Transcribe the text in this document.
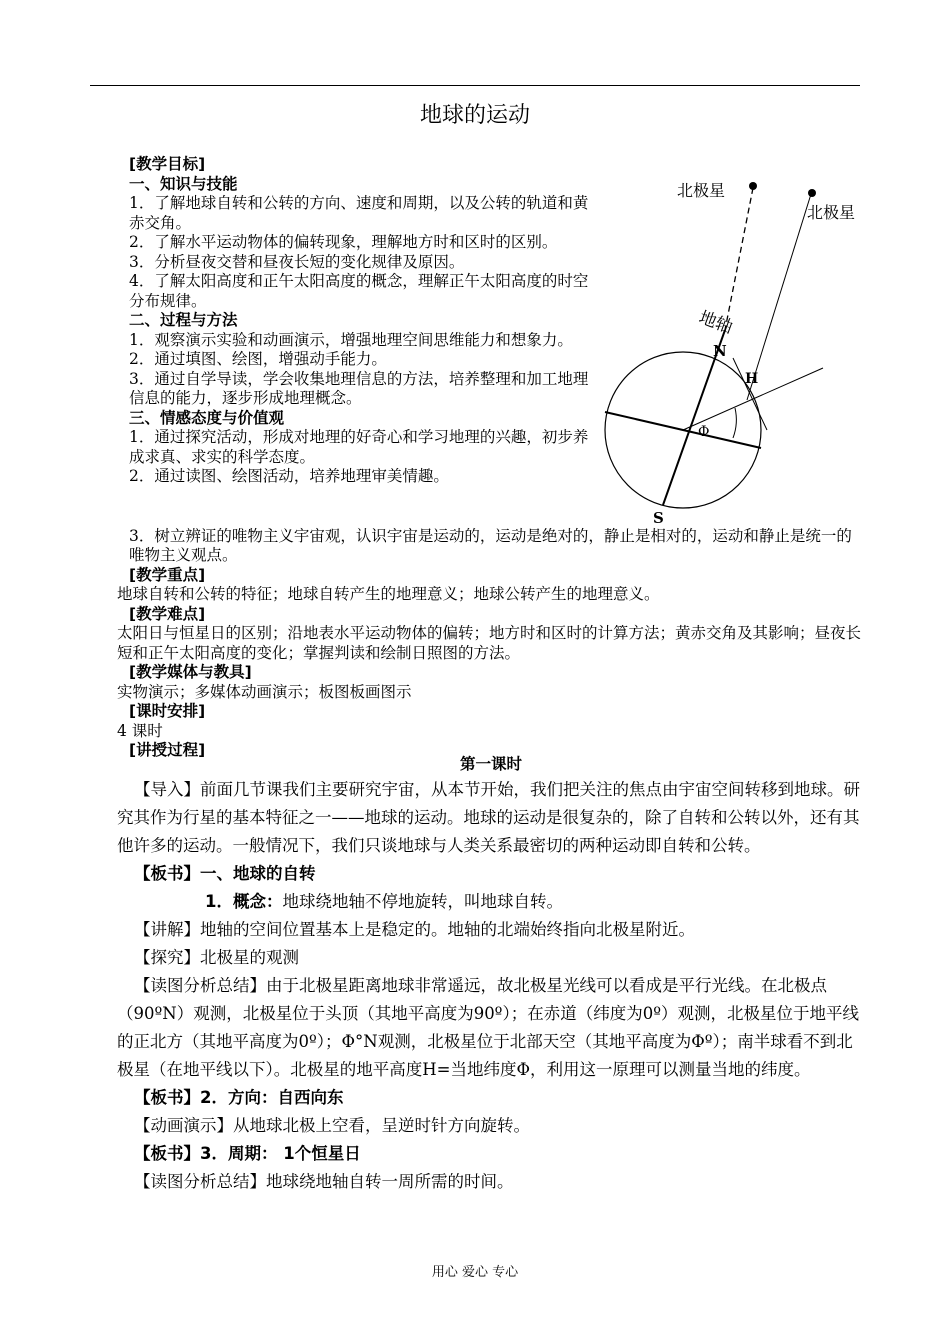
地球的运动

[教学目标]

一、知识与技能

1．了解地球自转和公转的方向、速度和周期，以及公转的轨道和黄赤交角。

2．了解水平运动物体的偏转现象，理解地方时和区时的区别。

3．分析昼夜交替和昼夜长短的变化规律及原因。

4．了解太阳高度和正午太阳高度的概念，理解正午太阳高度的时空分布规律。

二、过程与方法

1．观察演示实验和动画演示，增强地理空间思维能力和想象力。

2．通过填图、绘图，增强动手能力。

3．通过自学导读，学会收集地理信息的方法，培养整理和加工地理信息的能力，逐步形成地理概念。

三、情感态度与价值观

1．通过探究活动，形成对地理的好奇心和学习地理的兴趣，初步养成求真、求实的科学态度。

2．通过读图、绘图活动，培养地理审美情趣。

3．树立辨证的唯物主义宇宙观，认识宇宙是运动的，运动是绝对的，静止是相对的，运动和静止是统一的唯物主义观点。

[教学重点]

地球自转和公转的特征；地球自转产生的地理意义；地球公转产生的地理意义。

[教学难点]

太阳日与恒星日的区别；沿地表水平运动物体的偏转；地方时和区时的计算方法；黄赤交角及其影响；昼夜长短和正午太阳高度的变化；掌握判读和绘制日照图的方法。

[教学媒体与教具]

实物演示；多媒体动画演示；板图板画图示

[课时安排]

4 课时

[讲授过程]

第一课时

【导入】前面几节课我们主要研究宇宙，从本节开始，我们把关注的焦点由宇宙空间转移到地球。研究其作为行星的基本特征之一——地球的运动。地球的运动是很复杂的，除了自转和公转以外，还有其他许多的运动。一般情况下，我们只谈地球与人类关系最密切的两种运动即自转和公转。

【板书】一、地球的自转

1．概念：地球绕地轴不停地旋转，叫地球自转。

【讲解】地轴的空间位置基本上是稳定的。地轴的北端始终指向北极星附近。

【探究】北极星的观测

【读图分析总结】由于北极星距离地球非常遥远，故北极星光线可以看成是平行光线。在北极点（90ºN）观测，北极星位于头顶（其地平高度为90º）；在赤道（纬度为0º）观测，北极星位于地平线的正北方（其地平高度为0º）；Φ°N观测，北极星位于北部天空（其地平高度为Φº）；南半球看不到北极星（在地平线以下）。北极星的地平高度H=当地纬度Φ，利用这一原理可以测量当地的纬度。

【板书】2．方向：自西向东

【动画演示】从地球北极上空看，呈逆时针方向旋转。

【板书】3．周期： 1个恒星日

【读图分析总结】地球绕地轴自转一周所需的时间。

北极星
北极星
地轴
N
S
H
Φ
用心 爱心 专心
